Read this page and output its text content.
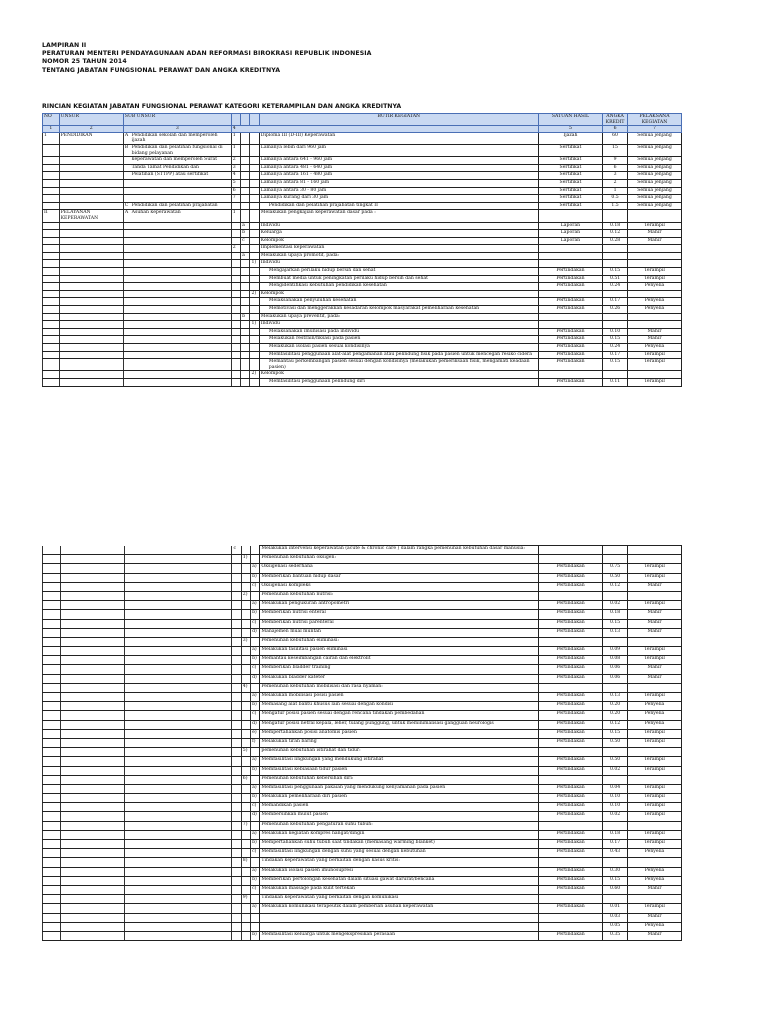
LAMPIRAN II
PERATURAN MENTERI PENDAYAGUNAAN ADAN REFORMASI BIROKRASI REPUBLIK INDONESIA
NOMOR 25 TAHUN 2014
TENTANG JABATAN FUNGSIONAL PERAWAT DAN ANGKA KREDITNYA
RINCIAN KEGIATAN JABATAN FUNGSIONAL PERAWAT KATEGORI KETERAMPILAN DAN ANGKA KREDITNYA
NO	UNSUR	SUB UNSUR					BUTIR KEGIATAN	SATUAN HASIL	ANGKA KREDIT	PELAKSANA KEGIATAN
1	2	3		4				5	6	7
1	PENDIDIKAN	A	Pendidikan sekolah dan memperoleh ijazah	1			Diploma III (D-III) Keperawatan	Ijazah	60	Semua jenjang
		B	Pendidikan dan pelatihan fungsional di bidang pelayanan	1			Lamanya lebih dari 960 jam	Sertifikat	15	Semua jenjang
			keperawatan dan memperoleh Surat	2			Lamanya antara 641 - 960 jam	Sertifikat	9	Semua jenjang
			Tanda Tamat Pendidikan dan	3			Lamanya antara 481 - 640 jam	Sertifikat	6	Semua jenjang
			Pelatihan (STTPP) atau sertifikat	4			Lamanya antara 161 - 480 jam	Sertifikat	3	Semua jenjang
				5			Lamanya antara 81 - 160 jam	Sertifikat	2	Semua jenjang
				6			Lamanya antara 30 - 80 jam	Sertifikat	1	Semua jenjang
				7			Lamanya kurang dari 30 jam	Sertifikat	0.5	Semua jenjang
		C	Pendidikan dan pelatihan prajabatan				Pendidikan dan pelatihan prajabatan tingkat II	Sertifikat	1.5	Semua jenjang
II	PELAYANAN KEPERAWATAN	A	Asuhan keperawatan	1			Melakukan pengkajian keperawatan dasar pada :			
					a		Individu	Laporan	0.18	Terampil
					b		Keluarga	Laporan	0.12	Mahir
					c		Kelompok	Laporan	0.28	Mahir
				2			Implementasi keperawatan			
					a		Melakukan upaya promotif, pada:			
						1)	Individu			
							Mengajarkan perilaku hidup bersih dan sehat	Pertindakan	0.15	Terampil
							Membuat media untuk peningkatan perilaku hidup bersih dan sehat	Pertindakan	0.51	Terampil
							Mengidentifikasi kebutuhan pendidikan kesehatan	Pertindakan	0.24	Penyelia
						2)	Kelompok			
							Melaksanakan penyuluhan kesehatan	Pertindakan	0.17	Penyelia
							Memotivasi dan menggerakkan kesadaran kelompok masyarakat pemeliharaan kesehatan	Pertindakan	0.26	Penyelia
					b		Melakukan upaya preventif, pada:			
						1)	Individu			
							Melaksanakan imunisasi pada individu	Pertindakan	0.10	Mahir
							Melakukan restrain/fiksasi pada pasien	Pertindakan	0.15	Mahir
							Melakukan isolasi pasien sesuai kondisinya	Pertindakan	0.24	Penyelia
							Memfasilitasi penggunaan alat-alat pengamanan atau pelindung fisik pada pasien untuk mencegah resiko cidera	Pertindakan	0.17	Terampil
							Memantau perkembangan pasien sesuai dengan kondisinya (melakukan pemeriksaan fisik, mengamati keadaan pasien)	Pertindakan	0.15	Terampil
						2)	Kelompok			
							Memfasilitasi penggunaan pelindung diri	Pertindakan	0.11	Terampil
				c			Melakukan intervensi keperawatan (acute & chronic care ) dalam rangka pemenuhan kebutuhan dasar manusia:			
					1)		Pemenuhan kebutuhan oksigen:			
						a)	Oksigenasi sederhana	Pertindakan	0.75	Terampil
						b)	Memberikan bantuan hidup dasar	Pertindakan	0.50	Terampil
						c)	Oksigenasi kompleks	Pertindakan	0.12	Mahir
					2)		Pemenuhan kebutuhan nutrisi:			
						a)	Melakukan pengukuran antropometri	Pertindakan	0.02	Terampil
						b)	Memberikan nutrisi enteral	Pertindakan	0.18	Mahir
						c)	Memberikan nutrisi parenteral	Pertindakan	0.15	Mahir
						d)	Manajemen mual muntah	Pertindakan	0.13	Mahir
					3)		Pemenuhan kebutuhan eliminasi:			
						a)	Melakukan fasilitasi pasien eliminasi	Pertindakan	0.09	Terampil
						b)	Memantau keseimbangan cairan dan elektrolit	Pertindakan	0.08	Terampil
						c)	Memberikan bladder training	Pertindakan	0.06	Mahir
						d)	Melakukan bladder kateter	Pertindakan	0.06	Mahir
					4)		Pemenuhan kebutuhan mobilisasi dan rasa nyaman:			
						a)	Melakukan mobilisasi posisi pasien	Pertindakan	0.13	Terampil
						b)	Memasang alat bantu khusus lain sesuai dengan kondisi	Pertindakan	0.20	Penyelia
						c)	Mengatur posisi pasien sesuai dengan rencana tindakan pembedahan	Pertindakan	0.20	Penyelia
						d)	Mengatur posisi netral kepala, leher, tulang punggung, untuk meminimalisasi gangguan neurologis	Pertindakan	0.12	Penyelia
						e)	Mempertahankan posisi anatomis pasien	Pertindakan	0.15	Terampil
						f)	Melakukan tirah baring	Pertindakan	0.50	Terampil
					5)		pemenuhan kebutuhan istirahat dan tidur:			
						a)	Memfasilitasi lingkungan yang mendukung istirahat	Pertindakan	0.50	Terampil
						b)	Memfasilitasi kebiasaan tidur pasien	Pertindakan	0.02	Terampil
					6)		Pemenuhan kebutuhan kebersihan diri:			
						a)	Memfasilitasi penggunaan pakaian yang mendukung kenyamanan pada pasien	Pertindakan	0.04	Terampil
						b)	Melakukan pemeliharaan diri pasien	Pertindakan	0.10	Terampil
						c)	Memandikan pasien	Pertindakan	0.10	Terampil
						d)	Membersihkan mulut pasien	Pertindakan	0.02	Terampil
					7)		Pemenuhan kebutuhan pengaturan suhu tubuh:			
						a)	Melakukan kegiatan kompres hangat/dingin	Pertindakan	0.18	Terampil
						b)	Mempertahankan suhu tubuh saat tindakan (memasang warming blanket)	Pertindakan	0.17	Terampil
						c)	Memfasilitasi lingkungan dengan suhu yang sesuai dengan kebutuhan	Pertindakan	0.43	Penyelia
					8)		Tindakan keperawatan yang berkaitan dengan kasus kritis:			
						a)	Melakukan isolasi pasien imunosupresi	Pertindakan	0.30	Penyelia
						b)	Memberikan pertolongan kesehatan dalam situasi gawat darurat/bencana	Pertindakan	0.15	Penyelia
						c)	Melakukan massage pada kulit tertekan	Pertindakan	0.60	Mahir
					9)		Tindakan keperawatan yang berkaitan dengan komunikasi			
						a)	Melakukan komunikasi terapeutik dalam pemberian asuhan keperawatan	Pertindakan	0.01	Terampil
									0.03	Mahir
									0.05	Penyelia
						b)	Memfasilitasi keluarga untuk mengekspresikan perasaan	Pertindakan	0.35	Mahir
